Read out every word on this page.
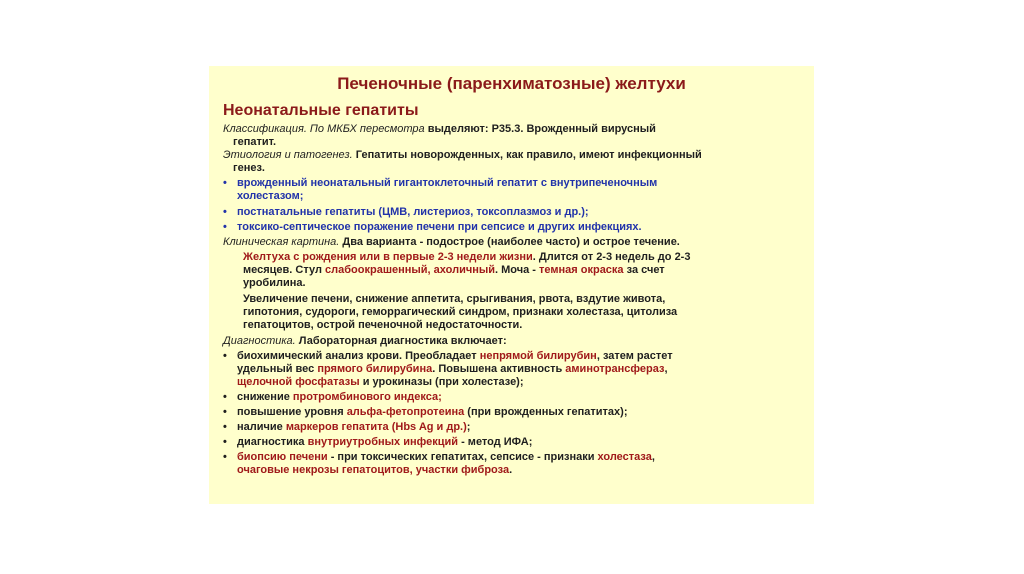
Печеночные (паренхиматозные) желтухи
Неонатальные гепатиты
Классификация. По МКБХ пересмотра выделяют: Р35.3. Врожденный вирусный
гепатит.
Этиология и патогенез. Гепатиты новорожденных, как правило, имеют инфекционный
генез.
• врожденный неонатальный гигантоклеточный гепатит с внутрипеченочным
холестазом;
• постнатальные гепатиты (ЦМВ, листериоз, токсоплазмоз и др.);
• токсико-септическое поражение печени при сепсисе и других инфекциях.
Клиническая картина. Два варианта - подострое (наиболее часто) и острое течение.
Желтуха с рождения или в первые 2-3 недели жизни. Длится от 2-3 недель до 2-3
месяцев. Стул слабоокрашенный, ахоличный. Моча - темная окраска за счет
уробилина.
Увеличение печени, снижение аппетита, срыгивания, рвота, вздутие живота,
гипотония, судороги, геморрагический синдром, признаки холестаза, цитолиза
гепатоцитов, острой печеночной недостаточности.
Диагностика. Лабораторная диагностика включает:
• биохимический анализ крови. Преобладает непрямой билирубин, затем растет
удельный вес прямого билирубина. Повышена активность аминотрансфераз,
щелочной фосфатазы и урокиназы (при холестазе);
• снижение протромбинового индекса;
• повышение уровня альфа-фетопротеина (при врожденных гепатитах);
• наличие маркеров гепатита (Hbs Ag и др.);
• диагностика внутриутробных инфекций - метод ИФА;
• биопсию печени - при токсических гепатитах, сепсисе - признаки холестаза,
очаговые некрозы гепатоцитов, участки фиброза.
